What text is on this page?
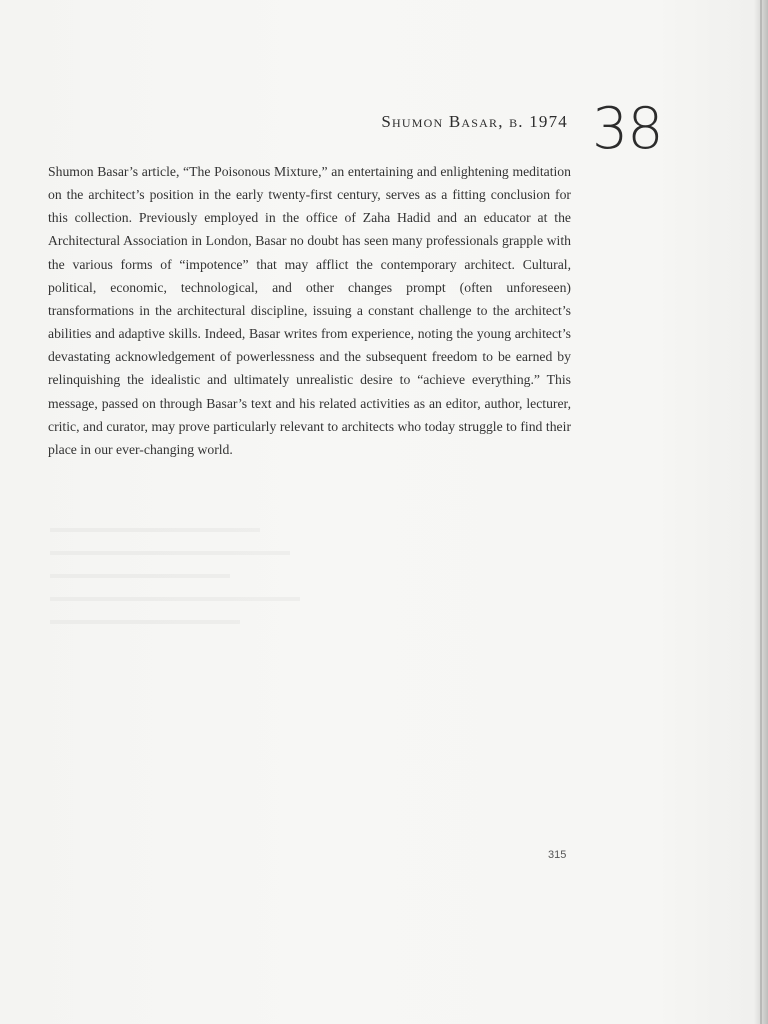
Shumon Basar, b. 1974 38

Shumon Basar’s article, “The Poisonous Mixture,” an entertaining and enlightening meditation on the architect’s position in the early twenty-first century, serves as a fitting conclusion for this collection. Previously employed in the office of Zaha Hadid and an educator at the Architectural Association in London, Basar no doubt has seen many professionals grapple with the various forms of “impotence” that may afflict the contemporary architect. Cultural, political, economic, technological, and other changes prompt (often unforeseen) transformations in the architectural discipline, issuing a constant challenge to the architect’s abilities and adaptive skills. Indeed, Basar writes from experience, noting the young architect’s devastating acknowledgement of powerlessness and the subsequent freedom to be earned by relinquishing the idealistic and ultimately unrealistic desire to “achieve everything.” This message, passed on through Basar’s text and his related activities as an editor, author, lecturer, critic, and curator, may prove particularly relevant to architects who today struggle to find their place in our ever-changing world.

315
